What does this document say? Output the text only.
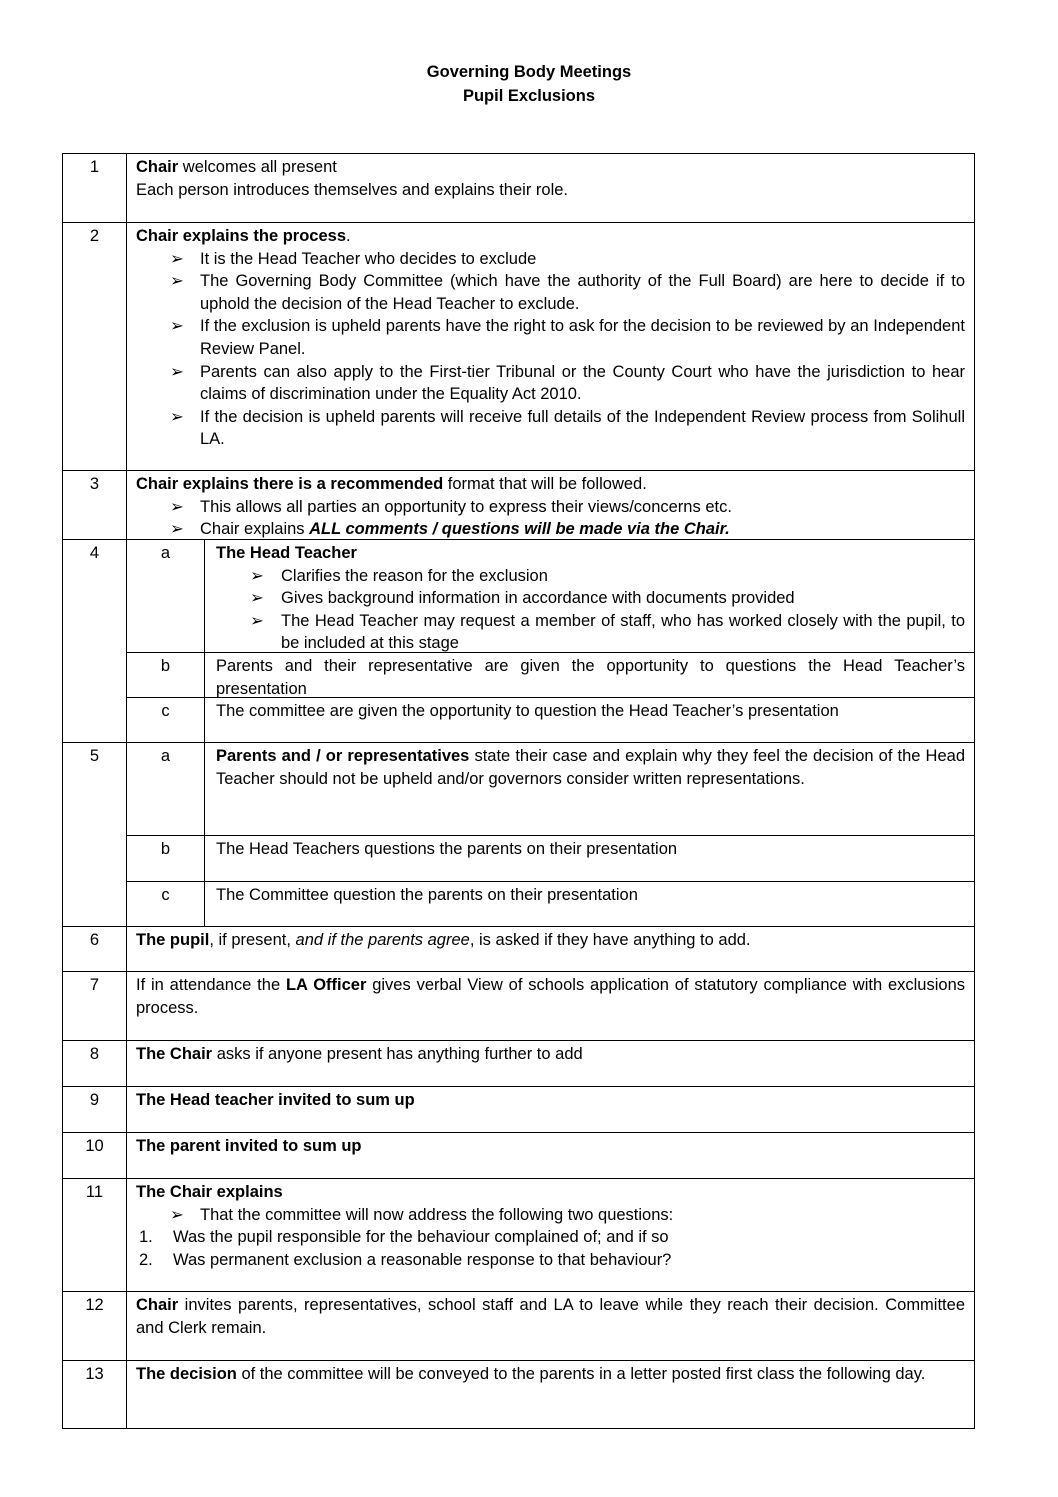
Governing Body Meetings
Pupil Exclusions
1	Chair welcomes all present
Each person introduces themselves and explains their role.
2	Chair explains the process.
➢ It is the Head Teacher who decides to exclude
➢ The Governing Body Committee (which have the authority of the Full Board) are here to decide if to uphold the decision of the Head Teacher to exclude.
➢ If the exclusion is upheld parents have the right to ask for the decision to be reviewed by an Independent Review Panel.
➢ Parents can also apply to the First-tier Tribunal or the County Court who have the jurisdiction to hear claims of discrimination under the Equality Act 2010.
➢ If the decision is upheld parents will receive full details of the Independent Review process from Solihull LA.
3	Chair explains there is a recommended format that will be followed.
➢ This allows all parties an opportunity to express their views/concerns etc.
➢ Chair explains ALL comments / questions will be made via the Chair.
4	a	The Head Teacher
➢ Clarifies the reason for the exclusion
➢ Gives background information in accordance with documents provided
➢ The Head Teacher may request a member of staff, who has worked closely with the pupil, to be included at this stage
b	Parents and their representative are given the opportunity to questions the Head Teacher’s presentation
c	The committee are given the opportunity to question the Head Teacher’s presentation
5	a	Parents and / or representatives state their case and explain why they feel the decision of the Head Teacher should not be upheld and/or governors consider written representations.
b	The Head Teachers questions the parents on their presentation
c	The Committee question the parents on their presentation
6	The pupil, if present, and if the parents agree, is asked if they have anything to add.
7	If in attendance the LA Officer gives verbal View of schools application of statutory compliance with exclusions process.
8	The Chair asks if anyone present has anything further to add
9	The Head teacher invited to sum up
10	The parent invited to sum up
11	The Chair explains
➢ That the committee will now address the following two questions:
1. Was the pupil responsible for the behaviour complained of; and if so
2. Was permanent exclusion a reasonable response to that behaviour?
12	Chair invites parents, representatives, school staff and LA to leave while they reach their decision. Committee and Clerk remain.
13	The decision of the committee will be conveyed to the parents in a letter posted first class the following day.
